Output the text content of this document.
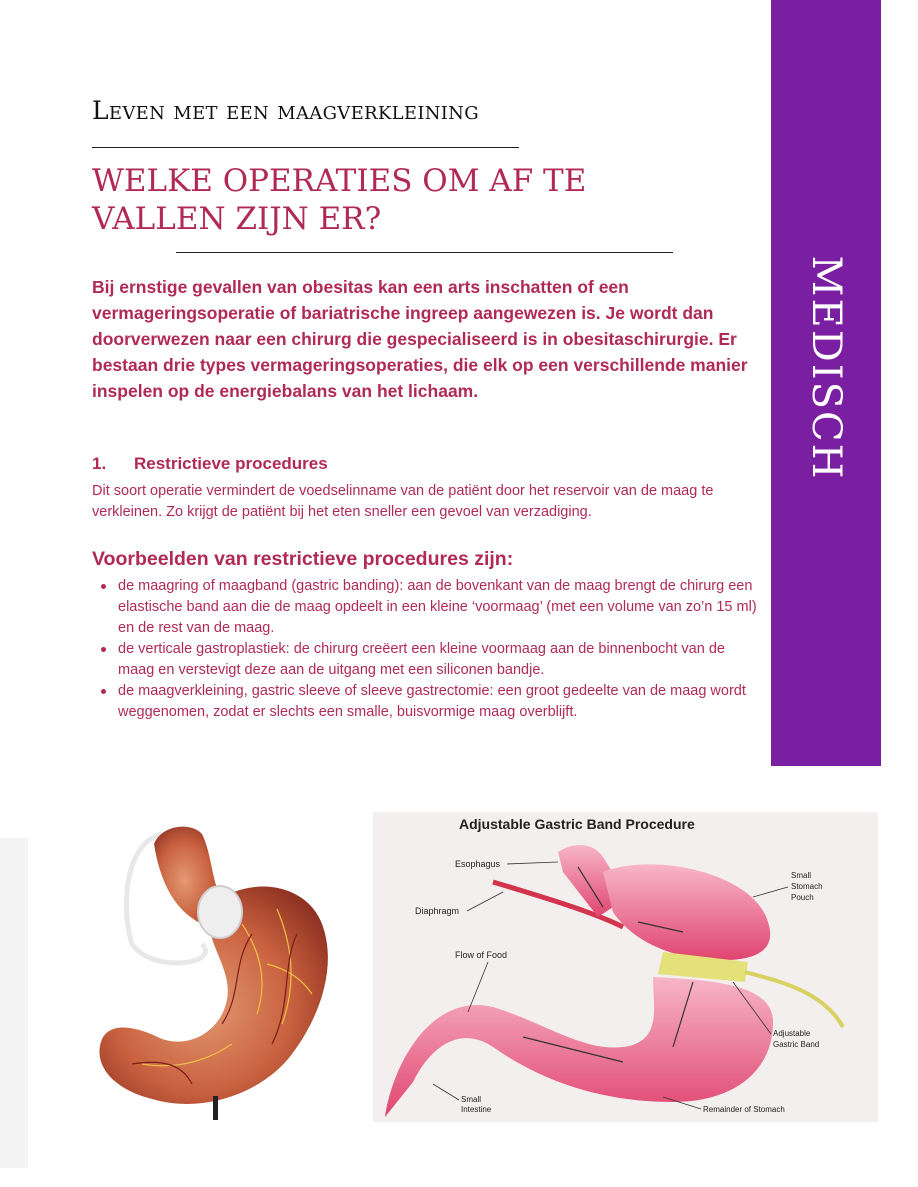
MEDISCH
Leven met een maagverkleining
WELKE OPERATIES OM AF TE VALLEN ZIJN ER?

Bij ernstige gevallen van obesitas kan een arts inschatten of een vermageringsoperatie of bariatrische ingreep aangewezen is. Je wordt dan doorverwezen naar een chirurg die gespecialiseerd is in obesitaschirurgie. Er bestaan drie types vermageringsoperaties, die elk op een verschillende manier inspelen op de energiebalans van het lichaam.

1. Restrictieve procedures

Dit soort operatie vermindert de voedselinname van de patiënt door het reservoir van de maag te verkleinen. Zo krijgt de patiënt bij het eten sneller een gevoel van verzadiging.

Voorbeelden van restrictieve procedures zijn:
de maagring of maagband (gastric banding): aan de bovenkant van de maag brengt de chirurg een elastische band aan die de maag opdeelt in een kleine ‘voormaag’ (met een volume van zo’n 15 ml) en de rest van de maag.
de verticale gastroplastiek: de chirurg creëert een kleine voormaag aan de binnenbocht van de maag en verstevigt deze aan de uitgang met een siliconen bandje.
de maagverkleining, gastric sleeve of sleeve gastrectomie: een groot gedeelte van de maag wordt weggenomen, zodat er slechts een smalle, buisvormige maag overblijft.
Adjustable Gastric Band Procedure
Esophagus
Diaphragm
Flow of Food
Small
Stomach
Pouch
Adjustable
Gastric Band
Small
Intestine	Remainder of Stomach
